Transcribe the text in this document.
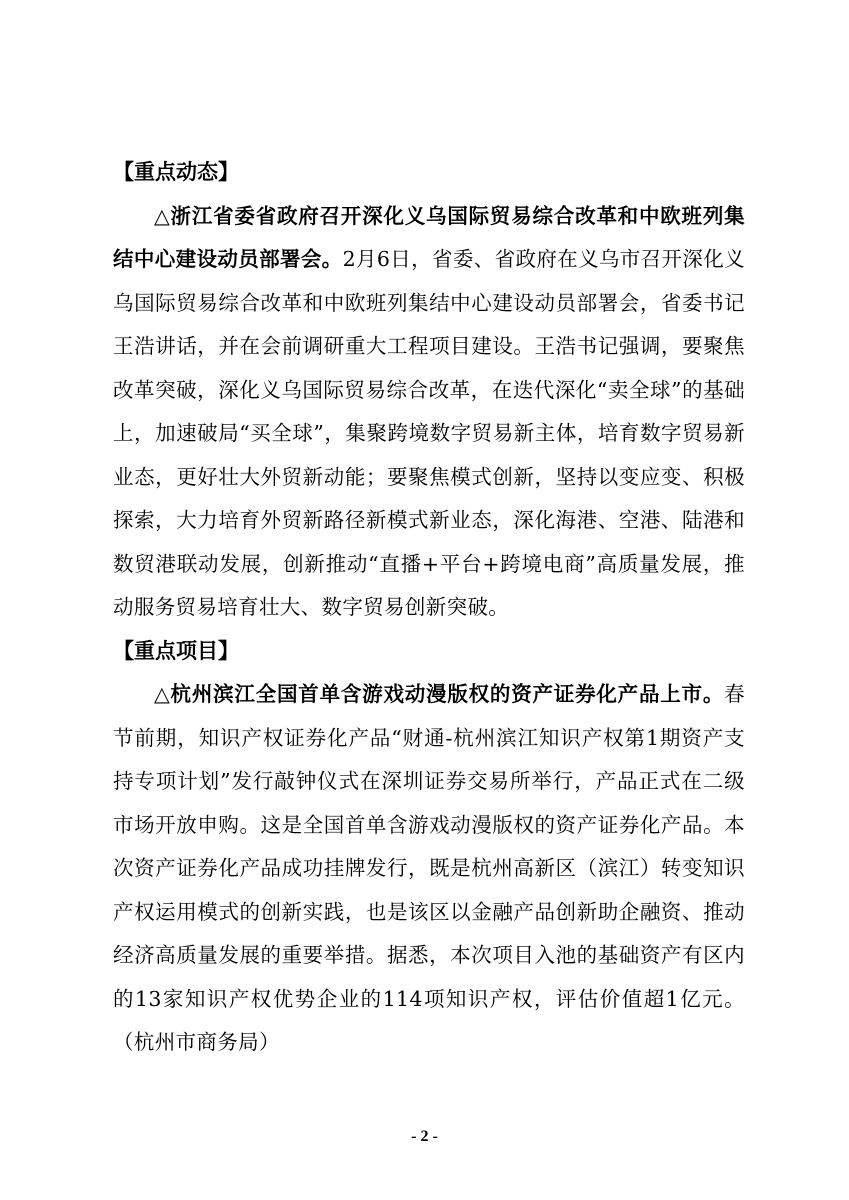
【重点动态】

△浙江省委省政府召开深化义乌国际贸易综合改革和中欧班列集结中心建设动员部署会。2月6日，省委、省政府在义乌市召开深化义乌国际贸易综合改革和中欧班列集结中心建设动员部署会，省委书记王浩讲话，并在会前调研重大工程项目建设。王浩书记强调，要聚焦改革突破，深化义乌国际贸易综合改革，在迭代深化“卖全球”的基础上，加速破局“买全球”，集聚跨境数字贸易新主体，培育数字贸易新业态，更好壮大外贸新动能；要聚焦模式创新，坚持以变应变、积极探索，大力培育外贸新路径新模式新业态，深化海港、空港、陆港和数贸港联动发展，创新推动“直播+平台+跨境电商”高质量发展，推动服务贸易培育壮大、数字贸易创新突破。

【重点项目】

△杭州滨江全国首单含游戏动漫版权的资产证券化产品上市。春节前期，知识产权证券化产品“财通-杭州滨江知识产权第1期资产支持专项计划”发行敲钟仪式在深圳证券交易所举行，产品正式在二级市场开放申购。这是全国首单含游戏动漫版权的资产证券化产品。本次资产证券化产品成功挂牌发行，既是杭州高新区（滨江）转变知识产权运用模式的创新实践，也是该区以金融产品创新助企融资、推动经济高质量发展的重要举措。据悉，本次项目入池的基础资产有区内的13家知识产权优势企业的114项知识产权，评估价值超1亿元。（杭州市商务局）

- 2 -
